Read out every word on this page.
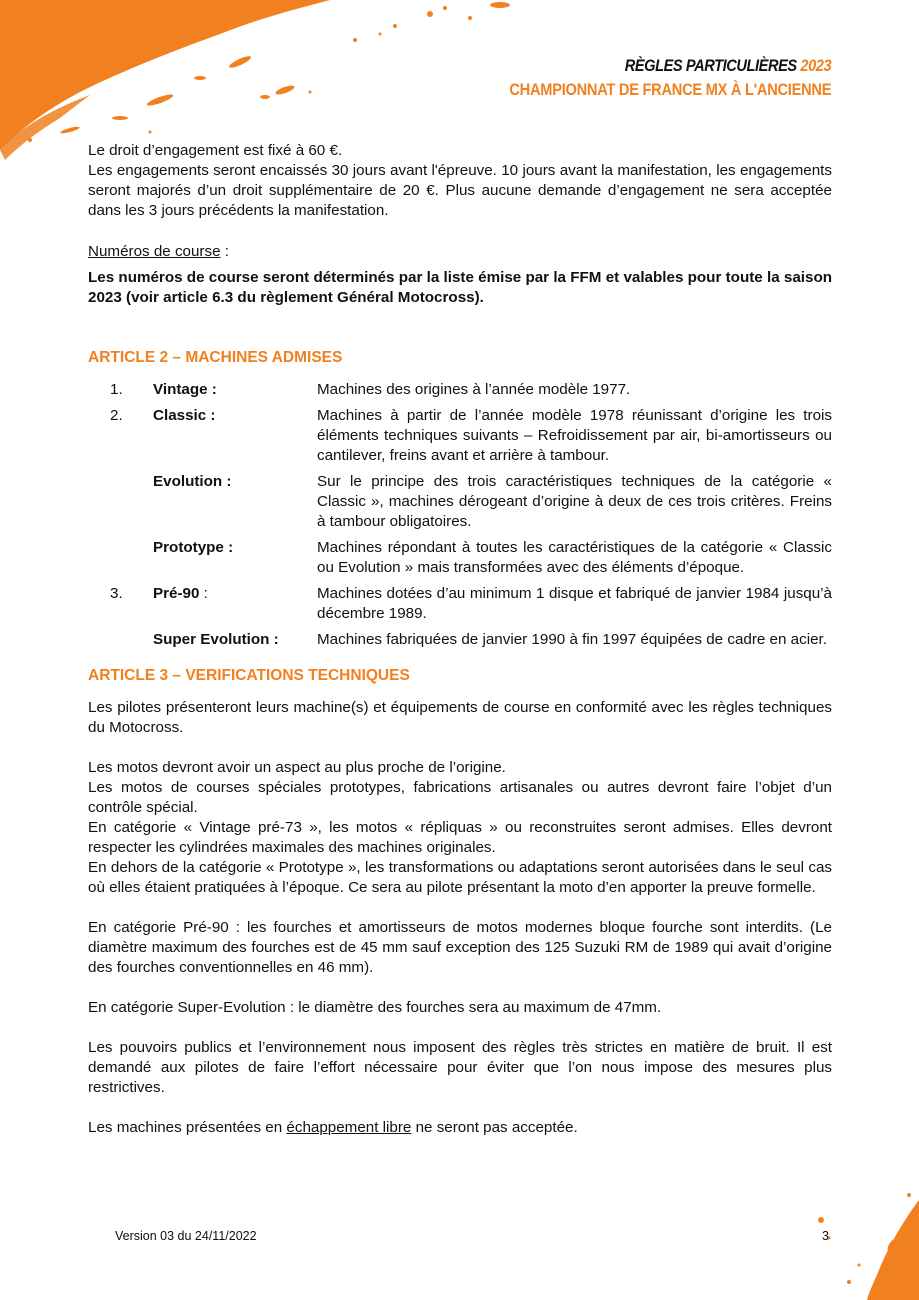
RÈGLES PARTICULIÈRES 2023
CHAMPIONNAT DE FRANCE MX À L'ANCIENNE

Le droit d’engagement est fixé à 60 €.

Les engagements seront encaissés 30 jours avant l'épreuve. 10 jours avant la manifestation, les engagements seront majorés d’un droit supplémentaire de 20 €. Plus aucune demande d’engagement ne sera acceptée dans les 3 jours précédents la manifestation.

Numéros de course :

Les numéros de course seront déterminés par la liste émise par la FFM et valables pour toute la saison 2023 (voir article 6.3 du règlement Général Motocross).

ARTICLE 2 – MACHINES ADMISES

1.	Vintage :	Machines des origines à l’année modèle 1977.
2.	Classic :	Machines à partir de l’année modèle 1978 réunissant d’origine les trois éléments techniques suivants – Refroidissement par air, bi-amortisseurs ou cantilever, freins avant et arrière à tambour.
	Evolution :	Sur le principe des trois caractéristiques techniques de la catégorie « Classic », machines dérogeant d’origine à deux de ces trois critères. Freins à tambour obligatoires.
	Prototype :	Machines répondant à toutes les caractéristiques de la catégorie « Classic ou Evolution » mais transformées avec des éléments d’époque.
3.	Pré-90 :	Machines dotées d’au minimum 1 disque et fabriqué de janvier 1984 jusqu’à décembre 1989.
	Super Evolution :	Machines fabriquées de janvier 1990 à fin 1997 équipées de cadre en acier.

ARTICLE 3 – VERIFICATIONS TECHNIQUES

Les pilotes présenteront leurs machine(s) et équipements de course en conformité avec les règles techniques du Motocross.

Les motos devront avoir un aspect au plus proche de l’origine.

Les motos de courses spéciales prototypes, fabrications artisanales ou autres devront faire l’objet d’un contrôle spécial.

En catégorie « Vintage pré-73 », les motos « répliquas » ou reconstruites seront admises. Elles devront respecter les cylindrées maximales des machines originales.

En dehors de la catégorie « Prototype », les transformations ou adaptations seront autorisées dans le seul cas où elles étaient pratiquées à l’époque. Ce sera au pilote présentant la moto d’en apporter la preuve formelle.

En catégorie Pré-90 : les fourches et amortisseurs de motos modernes bloque fourche sont interdits. (Le diamètre maximum des fourches est de 45 mm sauf exception des 125 Suzuki RM de 1989 qui avait d’origine des fourches conventionnelles en 46 mm).

En catégorie Super-Evolution : le diamètre des fourches sera au maximum de 47mm.

Les pouvoirs publics et l’environnement nous imposent des règles très strictes en matière de bruit. Il est demandé aux pilotes de faire l’effort nécessaire pour éviter que l’on nous impose des mesures plus restrictives.

Les machines présentées en échappement libre ne seront pas acceptée.

Version 03 du 24/11/2022	3
